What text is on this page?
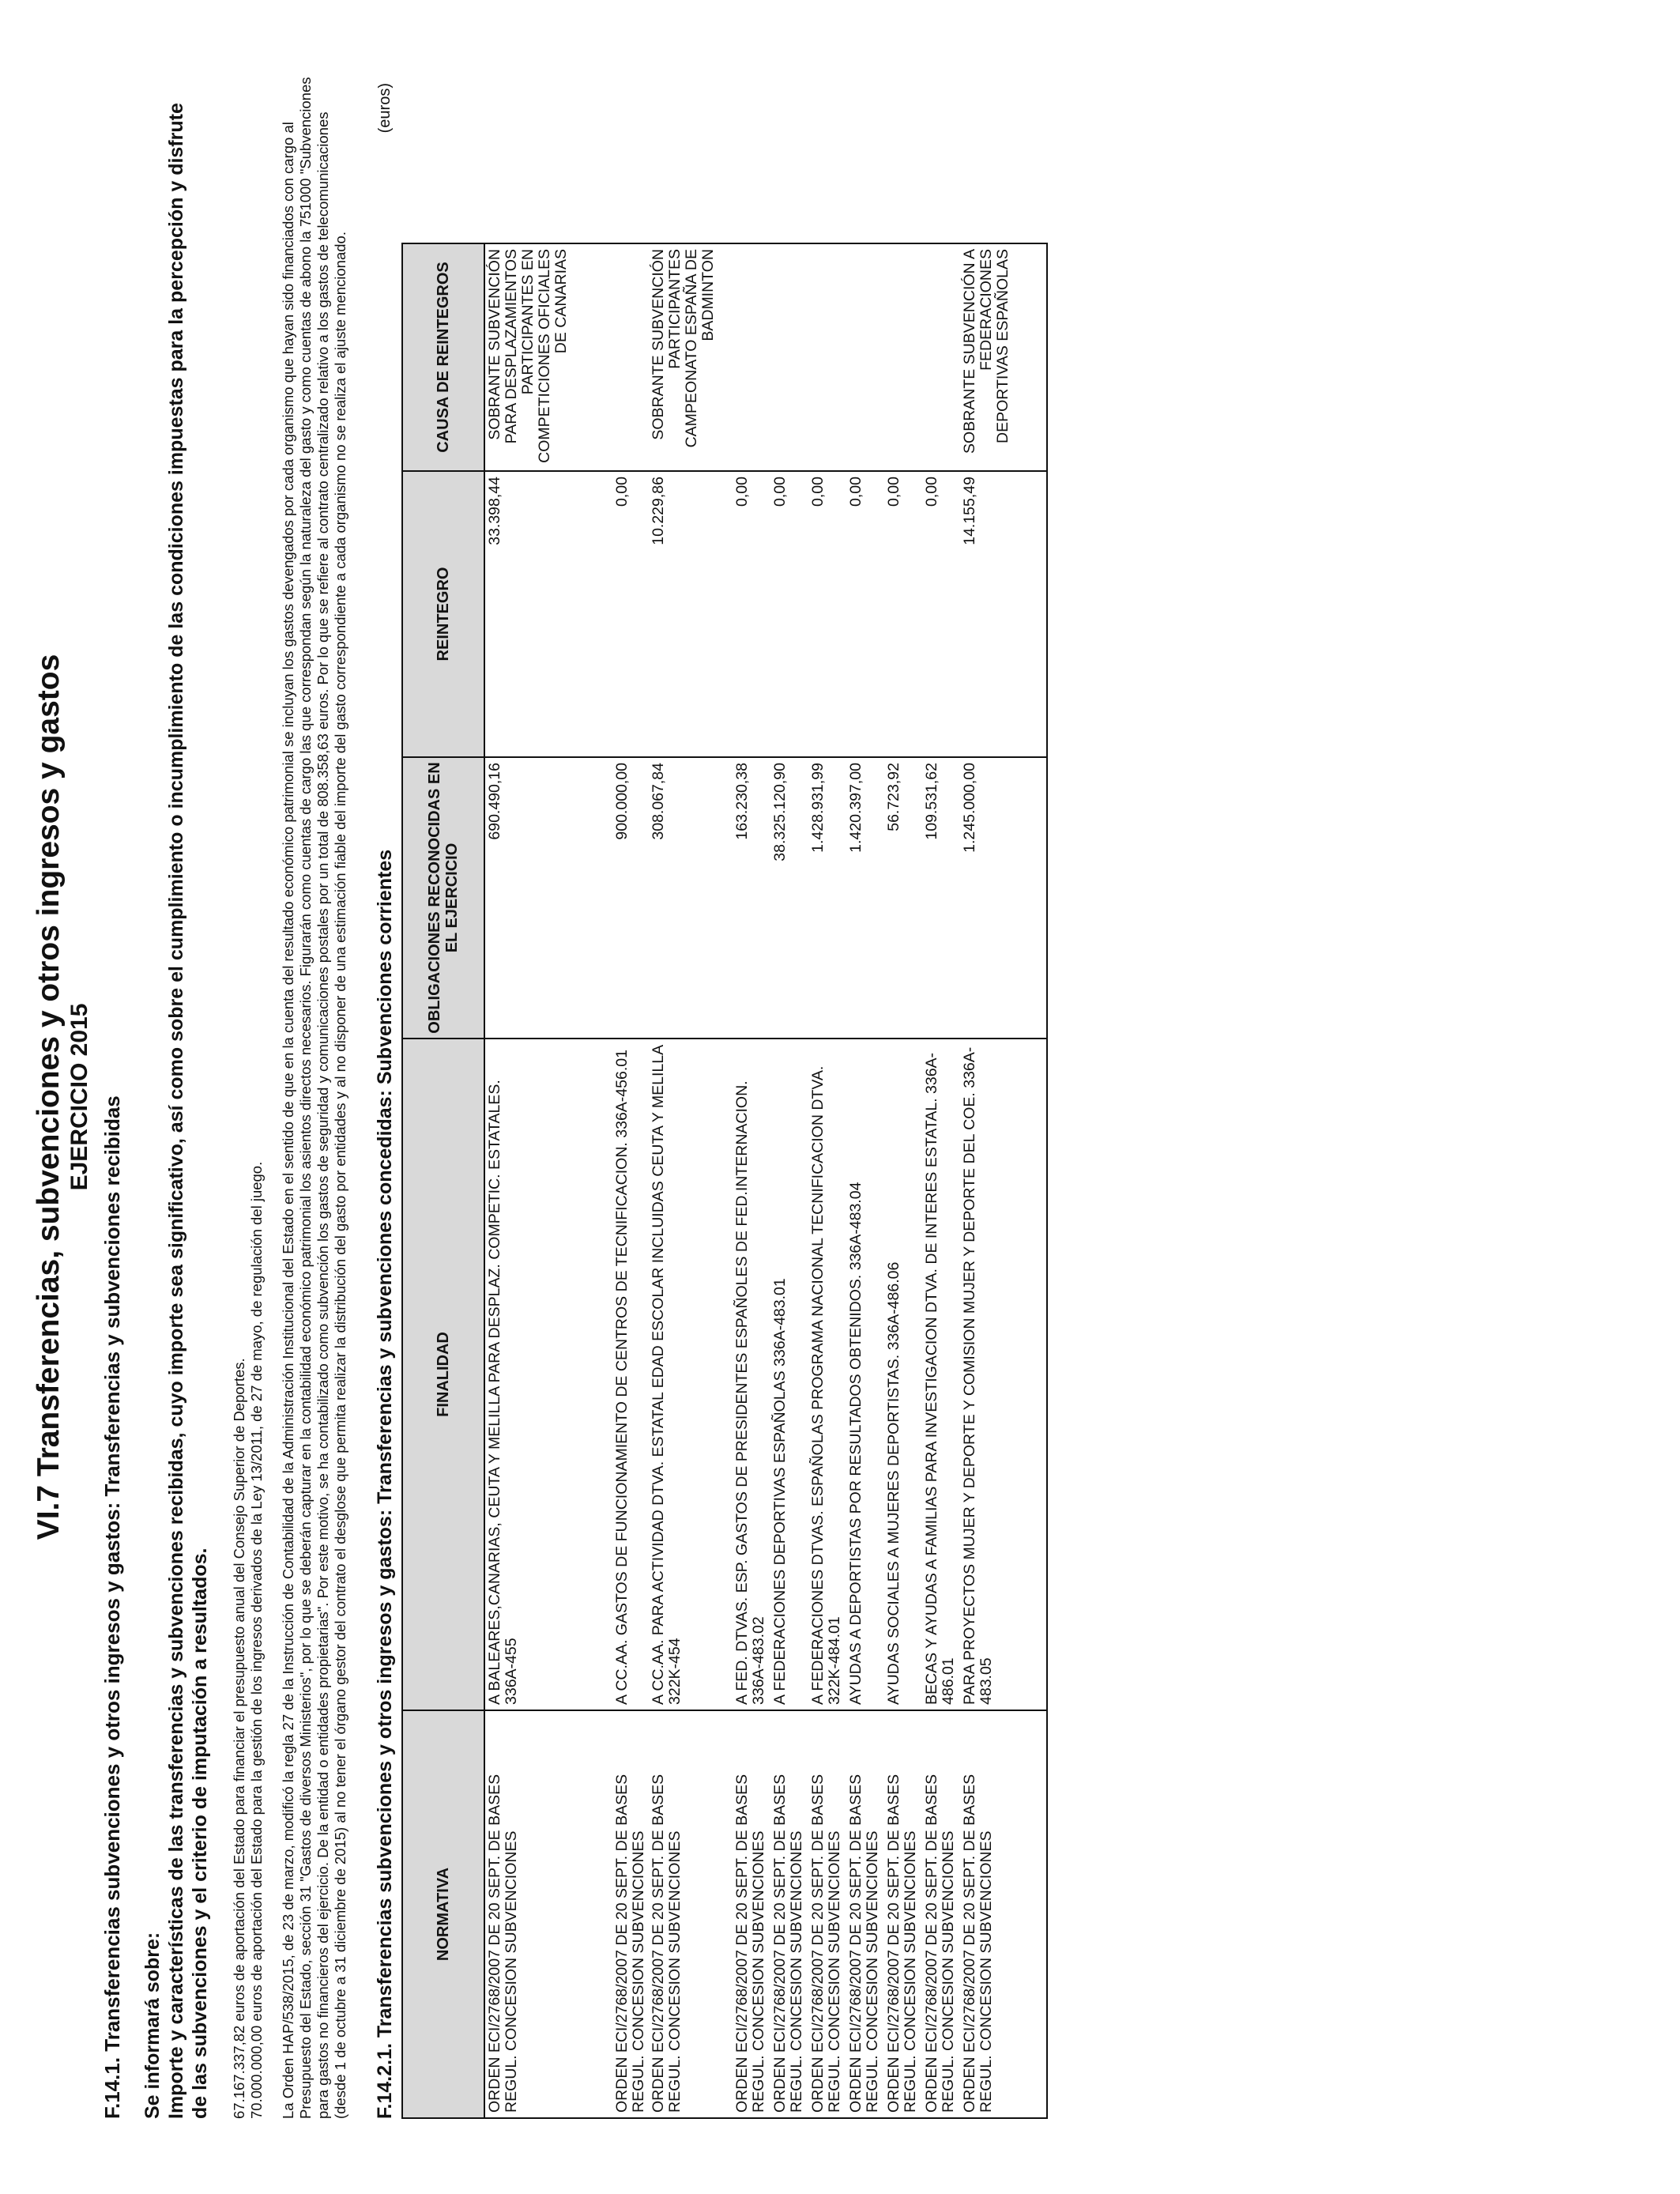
VI.7 Transferencias, subvenciones y otros ingresos y gastos EJERCICIO 2015 F.14.1. Transferencias subvenciones y otros ingresos y gastos: Transferencias y subvenciones recibidas Se informará sobre: Importe y características de las transferencias y subvenciones recibidas, cuyo importe sea significativo, así como sobre el cumplimiento o incumplimiento de las condiciones impuestas para la percepción y disfrute de las subvenciones y el criterio de imputación a resultados. 67.167.337,82 euros de aportación del Estado para financiar el presupuesto anual del Consejo Superior de Deportes. 70.000.000,00 euros de aportación del Estado para la gestión de los ingresos derivados de la Ley 13/2011, de 27 de mayo, de regulación del juego. La Orden HAP/538/2015, de 23 de marzo, modificó la regla 27 de la Instrucción de Contabilidad de la Administración Institucional del Estado en el sentido de que en la cuenta del resultado económico patrimonial se incluyan los gastos devengados por cada organismo que hayan sido financiados con cargo al Presupuesto del Estado, sección 31 "Gastos de diversos Ministerios", por lo que se deberán capturar en la contabilidad económico patrimonial los asientos directos necesarios. Figurarán como cuentas de cargo las que correspondan según la naturaleza del gasto y como cuentas de abono la 751000 "Subvenciones para gastos no financieros del ejercicio. De la entidad o entidades propietarias". Por este motivo, se ha contabilizado como subvención los gastos de seguridad y comunicaciones postales por un total de 808.358,63 euros. Por lo que se refiere al contrato centralizado relativo a los gastos de telecomunicaciones (desde 1 de octubre a 31 diciembre de 2015) al no tener el órgano gestor del contrato el desglose que permita realizar la distribución del gasto por entidades y al no disponer de una estimación fiable del importe del gasto correspondiente a cada organismo no se realiza el ajuste mencionado. F.14.2.1. Transferencias subvenciones y otros ingresos y gastos: Transferencias y subvenciones concedidas: Subvenciones corrientes

(euros)
NORMATIVA	FINALIDAD	OBLIGACIONES RECONOCIDAS EN EL EJERCICIO	REINTEGRO	CAUSA DE REINTEGROS
ORDEN ECI/2768/2007 DE 20 SEPT. DE BASES REGUL. CONCESION SUBVENCIONES	A BALEARES,CANARIAS, CEUTA Y MELILLA PARA DESPLAZ. COMPETIC. ESTATALES. 336A-455	690.490,16	33.398,44	SOBRANTE SUBVENCIÓN PARA DESPLAZAMIENTOS PARTICIPANTES EN COMPETICIONES OFICIALES DE CANARIAS
ORDEN ECI/2768/2007 DE 20 SEPT. DE BASES REGUL. CONCESION SUBVENCIONES	A CC.AA. GASTOS DE FUNCIONAMIENTO DE CENTROS DE TECNIFICACION. 336A-456.01	900.000,00	0,00	
ORDEN ECI/2768/2007 DE 20 SEPT. DE BASES REGUL. CONCESION SUBVENCIONES	A CC.AA. PARA ACTIVIDAD DTVA. ESTATAL EDAD ESCOLAR INCLUIDAS CEUTA Y MELILLA 322K-454	308.067,84	10.229,86	SOBRANTE SUBVENCIÓN PARTICIPANTES CAMPEONATO ESPAÑA DE BADMINTON
ORDEN ECI/2768/2007 DE 20 SEPT. DE BASES REGUL. CONCESION SUBVENCIONES	A FED. DTVAS. ESP. GASTOS DE PRESIDENTES ESPAÑOLES DE FED.INTERNACION. 336A-483.02	163.230,38	0,00	
ORDEN ECI/2768/2007 DE 20 SEPT. DE BASES REGUL. CONCESION SUBVENCIONES	A FEDERACIONES DEPORTIVAS ESPAÑOLAS 336A-483.01	38.325.120,90	0,00	
ORDEN ECI/2768/2007 DE 20 SEPT. DE BASES REGUL. CONCESION SUBVENCIONES	A FEDERACIONES DTVAS. ESPAÑOLAS PROGRAMA NACIONAL TECNIFICACION DTVA. 322K-484.01	1.428.931,99	0,00	
ORDEN ECI/2768/2007 DE 20 SEPT. DE BASES REGUL. CONCESION SUBVENCIONES	AYUDAS A DEPORTISTAS POR RESULTADOS OBTENIDOS. 336A-483.04	1.420.397,00	0,00	
ORDEN ECI/2768/2007 DE 20 SEPT. DE BASES REGUL. CONCESION SUBVENCIONES	AYUDAS SOCIALES A MUJERES DEPORTISTAS. 336A-486.06	56.723,92	0,00	
ORDEN ECI/2768/2007 DE 20 SEPT. DE BASES REGUL. CONCESION SUBVENCIONES	BECAS Y AYUDAS A FAMILIAS PARA INVESTIGACION DTVA. DE INTERES ESTATAL. 336A-486.01	109.531,62	0,00	
ORDEN ECI/2768/2007 DE 20 SEPT. DE BASES REGUL. CONCESION SUBVENCIONES	PARA PROYECTOS MUJER Y DEPORTE Y COMISION MUJER Y DEPORTE DEL COE. 336A-483.05	1.245.000,00	14.155,49	SOBRANTE SUBVENCIÓN A FEDERACIONES DEPORTIVAS ESPAÑOLAS
